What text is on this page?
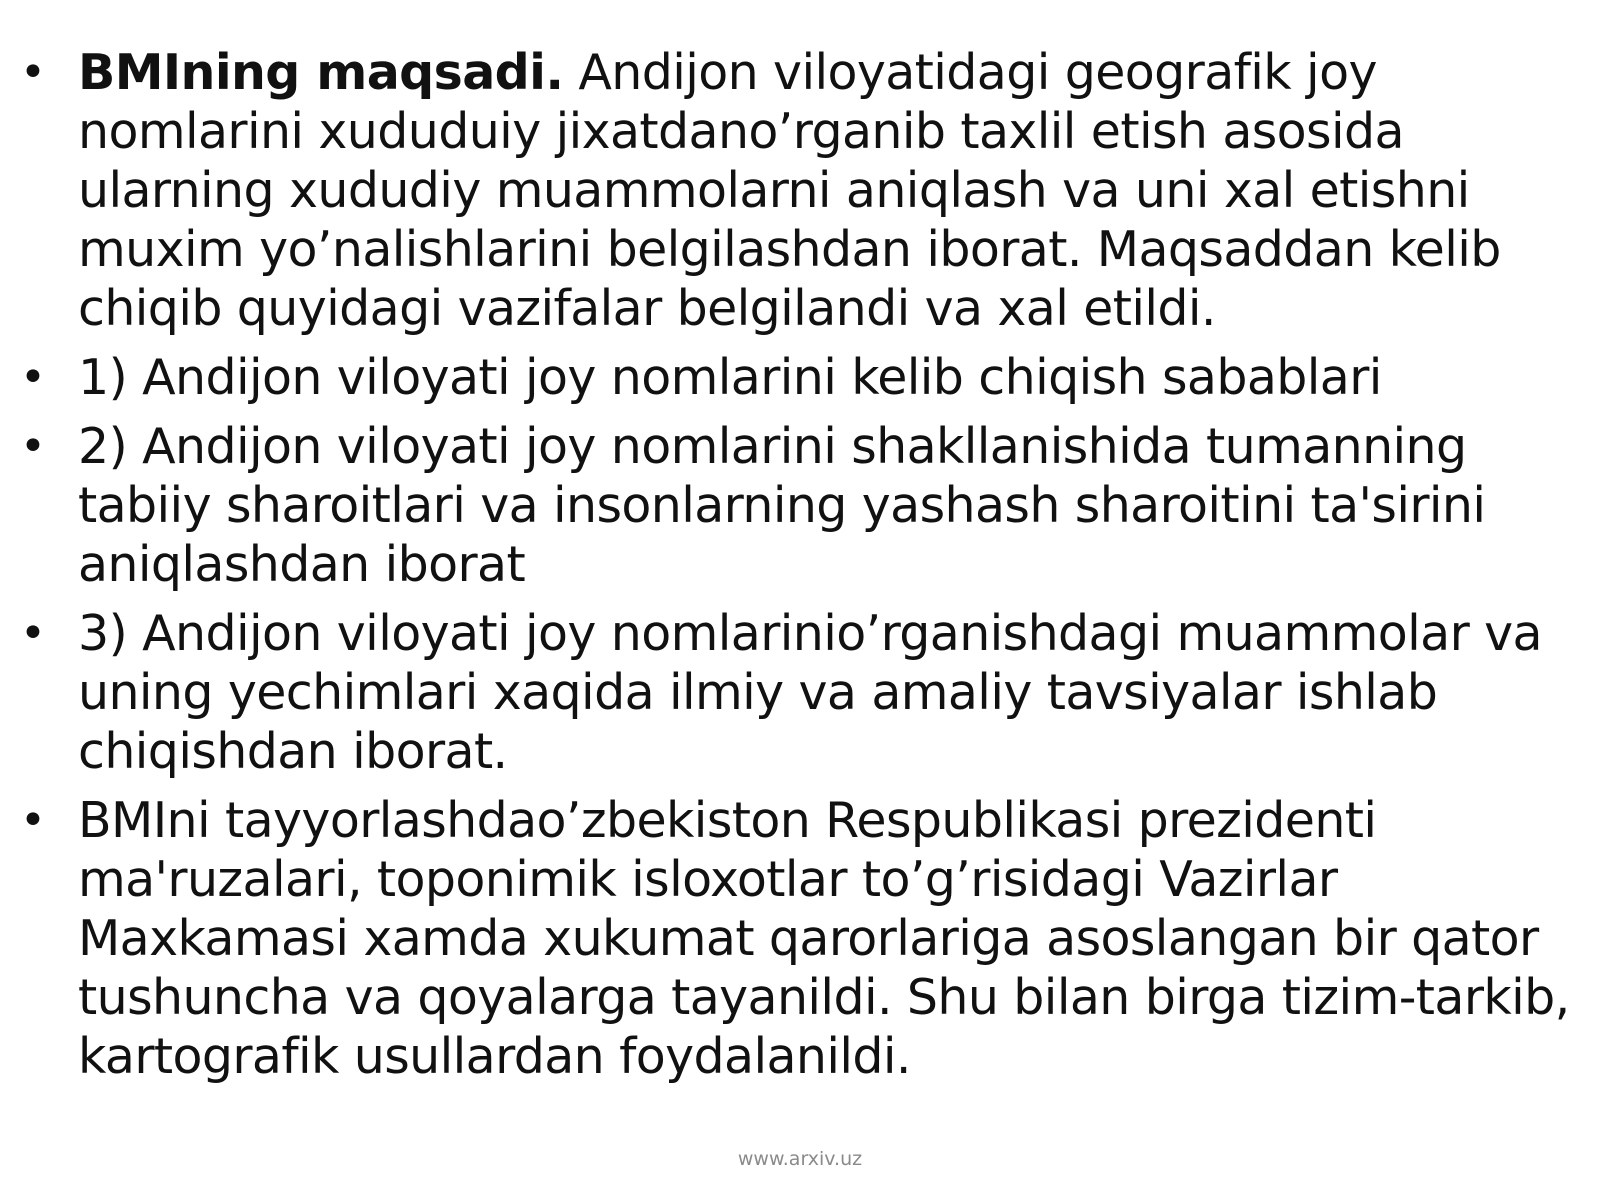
• BMIning maqsadi. Andijon viloyatidagi geografik joy nomlarini xududuiy jixatdano’rganib taxlil etish asosida ularning xududiy muammolarni aniqlash va uni xal etishni muxim yo’nalishlarini belgilashdan iborat. Maqsaddan kelib chiqib quyidagi vazifalar belgilandi va xal etildi.
• 1) Andijon viloyati joy nomlarini kelib chiqish sabablari
• 2) Andijon viloyati joy nomlarini shakllanishida tumanning tabiiy sharoitlari va insonlarning yashash sharoitini ta'sirini aniqlashdan iborat
• 3) Andijon viloyati joy nomlarinio’rganishdagi muammolar va uning yechimlari xaqida ilmiy va amaliy tavsiyalar ishlab chiqishdan iborat.
• BMIni tayyorlashdao’zbekiston Respublikasi prezidenti ma'ruzalari, toponimik isloxotlar to’g’risidagi Vazirlar Maxkamasi xamda xukumat qarorlariga asoslangan bir qator tushuncha va qoyalarga tayanildi. Shu bilan birga tizim-tarkib, kartografik usullardan foydalanildi.
www.arxiv.uz
